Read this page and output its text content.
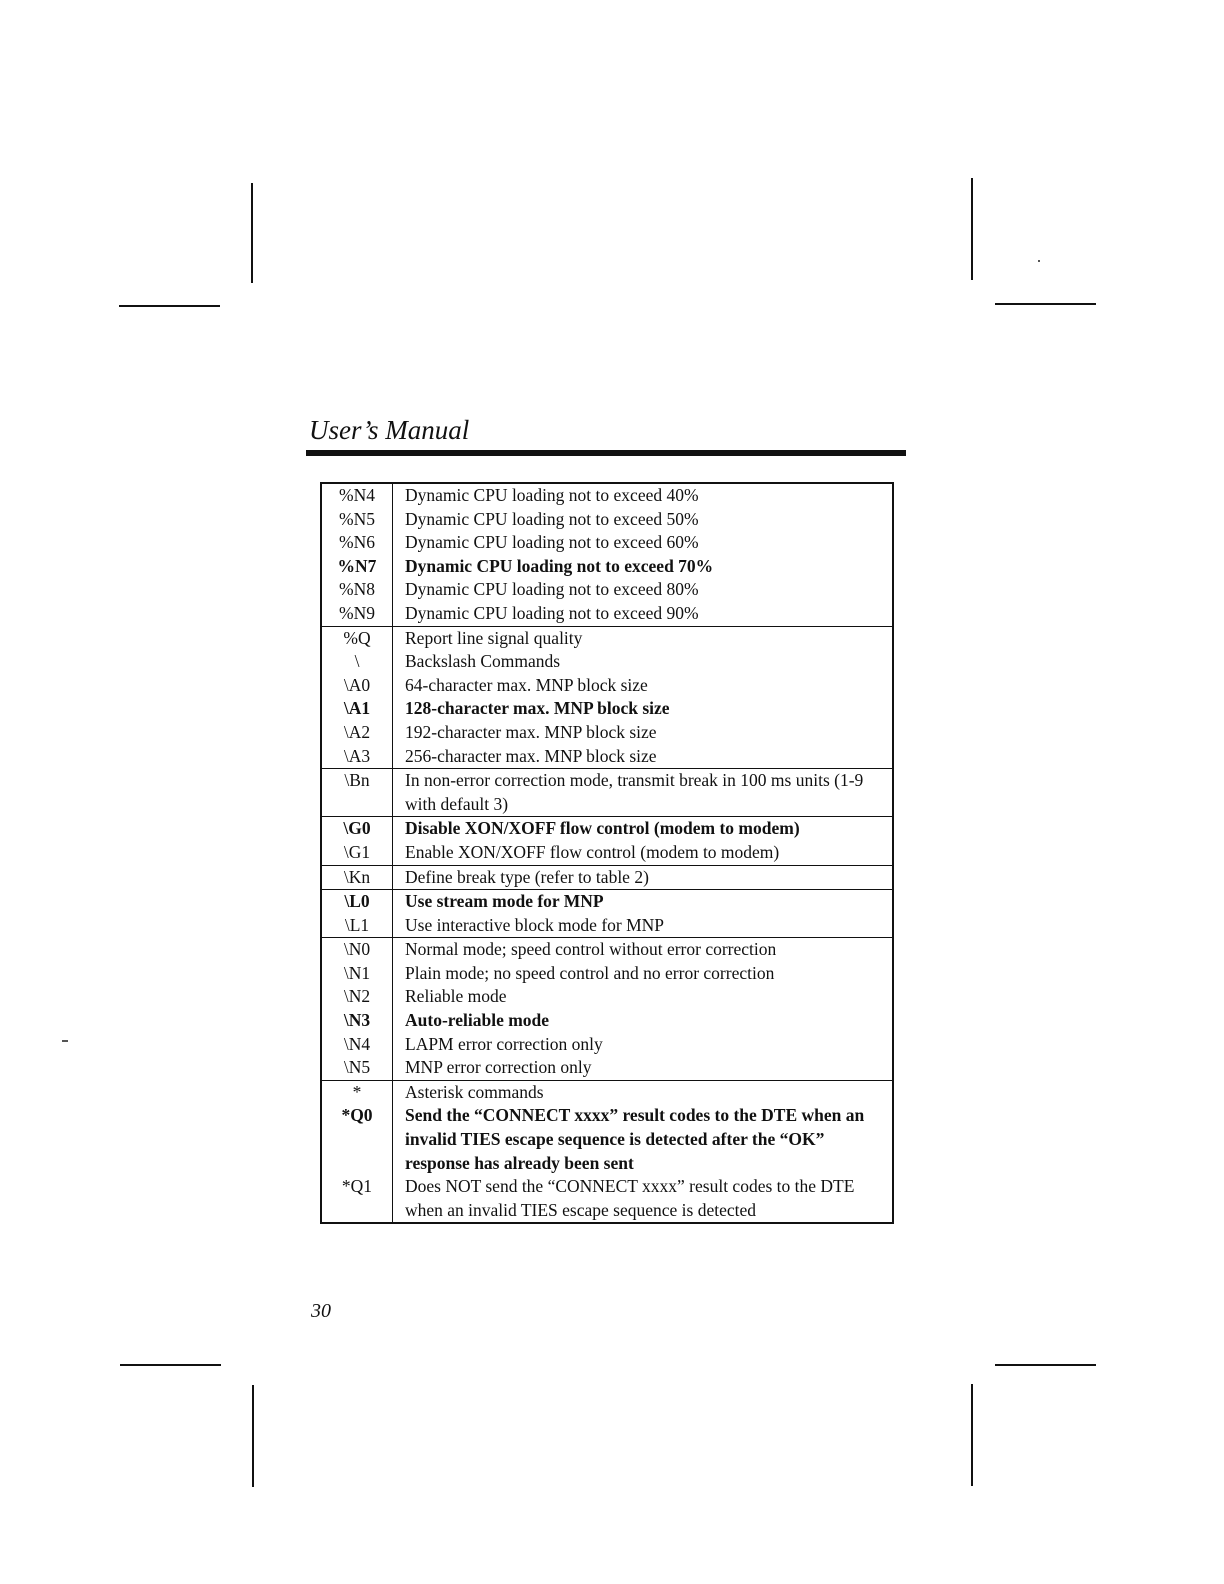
User’s Manual
%N4	Dynamic CPU loading not to exceed 40%
%N5	Dynamic CPU loading not to exceed 50%
%N6	Dynamic CPU loading not to exceed 60%
%N7	Dynamic CPU loading not to exceed 70%
%N8	Dynamic CPU loading not to exceed 80%
%N9	Dynamic CPU loading not to exceed 90%
%Q	Report line signal quality
\	Backslash Commands
\A0	64-character max. MNP block size
\A1	128-character max. MNP block size
\A2	192-character max. MNP block size
\A3	256-character max. MNP block size
\Bn	In non-error correction mode, transmit break in 100 ms units (1-9 with default 3)
\G0	Disable XON/XOFF flow control (modem to modem)
\G1	Enable XON/XOFF flow control (modem to modem)
\Kn	Define break type (refer to table 2)
\L0	Use stream mode for MNP
\L1	Use interactive block mode for MNP
\N0	Normal mode; speed control without error correction
\N1	Plain mode; no speed control and no error correction
\N2	Reliable mode
\N3	Auto-reliable mode
\N4	LAPM error correction only
\N5	MNP error correction only
*	Asterisk commands
*Q0	Send the “CONNECT xxxx” result codes to the DTE when an invalid TIES escape sequence is detected after the “OK” response has already been sent
*Q1	Does NOT send the “CONNECT xxxx” result codes to the DTE when an invalid TIES escape sequence is detected
30
